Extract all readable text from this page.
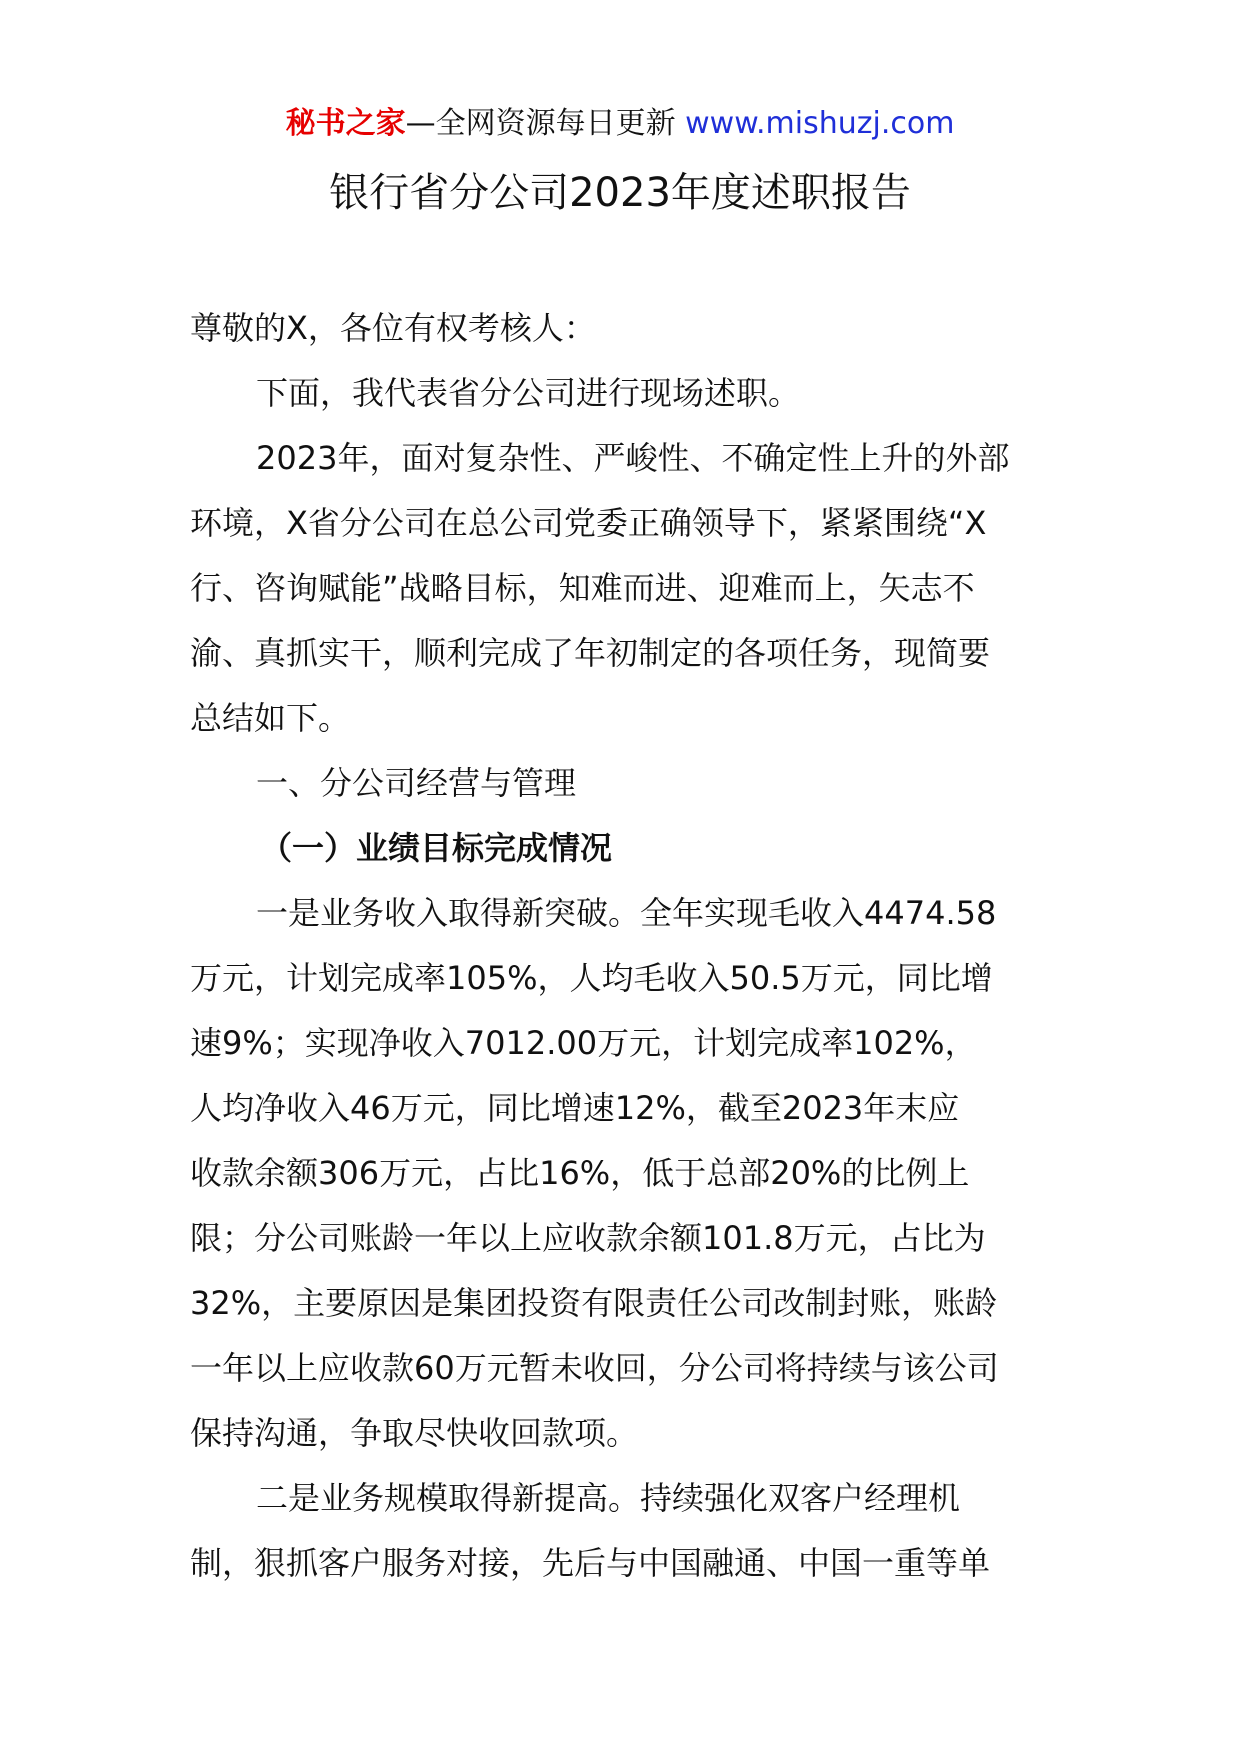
秘书之家—全网资源每日更新 www.mishuzj.com
银行省分公司2023年度述职报告
尊敬的X，各位有权考核人：
下面，我代表省分公司进行现场述职。
2023年，面对复杂性、严峻性、不确定性上升的外部
环境，X省分公司在总公司党委正确领导下，紧紧围绕“X
行、咨询赋能”战略目标，知难而进、迎难而上，矢志不
渝、真抓实干，顺利完成了年初制定的各项任务，现简要
总结如下。
一、分公司经营与管理
（一）业绩目标完成情况
一是业务收入取得新突破。全年实现毛收入4474.58
万元，计划完成率105%，人均毛收入50.5万元，同比增
速9%；实现净收入7012.00万元，计划完成率102%，
人均净收入46万元，同比增速12%，截至2023年末应
收款余额306万元，占比16%，低于总部20%的比例上
限；分公司账龄一年以上应收款余额101.8万元，占比为
32%，主要原因是集团投资有限责任公司改制封账，账龄
一年以上应收款60万元暂未收回，分公司将持续与该公司
保持沟通，争取尽快收回款项。
二是业务规模取得新提高。持续强化双客户经理机
制，狠抓客户服务对接，先后与中国融通、中国一重等单
